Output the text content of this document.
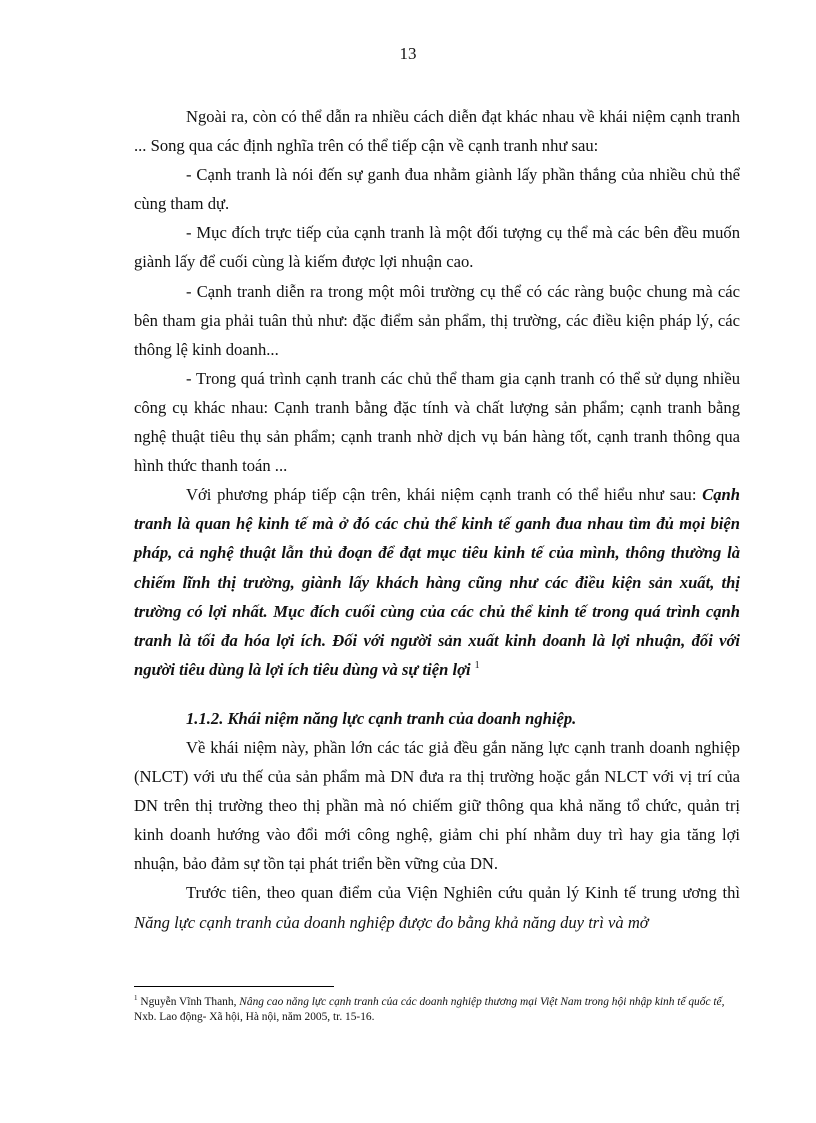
13

Ngoài ra, còn có thể dẫn ra nhiều cách diễn đạt khác nhau về khái niệm cạnh tranh ... Song qua các định nghĩa trên có thể tiếp cận về cạnh tranh như sau:

- Cạnh tranh là nói đến sự ganh đua nhằm giành lấy phần thắng của nhiều chủ thể cùng tham dự.

- Mục đích trực tiếp của cạnh tranh là một đối tượng cụ thể mà các bên đều muốn giành lấy để cuối cùng là kiếm được lợi nhuận cao.

- Cạnh tranh diễn ra trong một môi trường cụ thể có các ràng buộc chung mà các bên tham gia phải tuân thủ như: đặc điểm sản phẩm, thị trường, các điều kiện pháp lý, các thông lệ kinh doanh...

- Trong quá trình cạnh tranh các chủ thể tham gia cạnh tranh có thể sử dụng nhiều công cụ khác nhau: Cạnh tranh bằng đặc tính và chất lượng sản phẩm; cạnh tranh bằng nghệ thuật tiêu thụ sản phẩm; cạnh tranh nhờ dịch vụ bán hàng tốt, cạnh tranh thông qua hình thức thanh toán ...

Với phương pháp tiếp cận trên, khái niệm cạnh tranh có thể hiểu như sau: Cạnh tranh là quan hệ kinh tế mà ở đó các chủ thể kinh tế ganh đua nhau tìm đủ mọi biện pháp, cả nghệ thuật lẫn thủ đoạn để đạt mục tiêu kinh tế của mình, thông thường là chiếm lĩnh thị trường, giành lấy khách hàng cũng như các điều kiện sản xuất, thị trường có lợi nhất. Mục đích cuối cùng của các chủ thể kinh tế trong quá trình cạnh tranh là tối đa hóa lợi ích. Đối với người sản xuất kinh doanh là lợi nhuận, đối với người tiêu dùng là lợi ích tiêu dùng và sự tiện lợi $^1$

1.1.2. Khái niệm năng lực cạnh tranh của doanh nghiệp.

Về khái niệm này, phần lớn các tác giả đều gắn năng lực cạnh tranh doanh nghiệp (NLCT) với ưu thế của sản phẩm mà DN đưa ra thị trường hoặc gắn NLCT với vị trí của DN trên thị trường theo thị phần mà nó chiếm giữ thông qua khả năng tổ chức, quản trị kinh doanh hướng vào đổi mới công nghệ, giảm chi phí nhằm duy trì hay gia tăng lợi nhuận, bảo đảm sự tồn tại phát triển bền vững của DN.

Trước tiên, theo quan điểm của Viện Nghiên cứu quản lý Kinh tế trung ương thì Năng lực cạnh tranh của doanh nghiệp được đo bằng khả năng duy trì và mở

$^1$ Nguyễn Vĩnh Thanh, Nâng cao năng lực cạnh tranh của các doanh nghiệp thương mại Việt Nam trong hội nhập kinh tế quốc tế, Nxb. Lao động- Xã hội, Hà nội, năm 2005, tr. 15-16.
